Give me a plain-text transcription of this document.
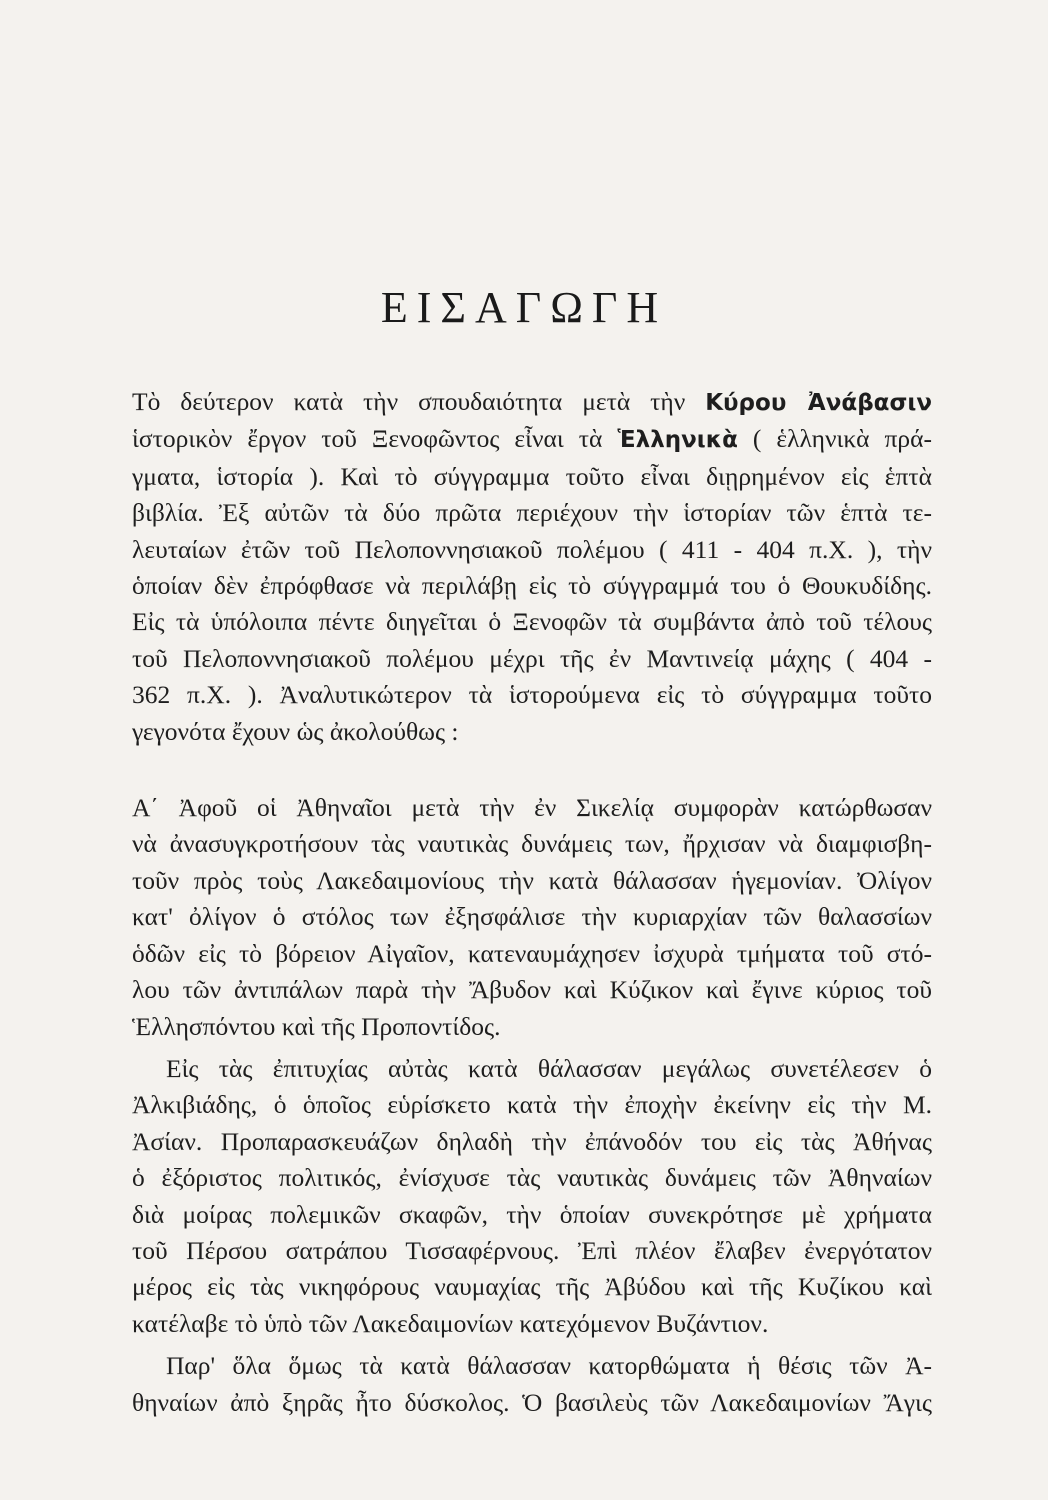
ΕΙΣΑΓΩΓΗ
Τὸ δεύτερον κατὰ τὴν σπουδαιότητα μετὰ τὴν Κύρου Ἀνάβασιν
ἱστορικὸν ἔργον τοῦ Ξενοφῶντος εἶναι τὰ Ἑλληνικὰ ( ἑλληνικὰ πρά-
γματα, ἱστορία ). Καὶ τὸ σύγγραμμα τοῦτο εἶναι διῃρημένον εἰς ἑπτὰ
βιβλία. Ἐξ αὐτῶν τὰ δύο πρῶτα περιέχουν τὴν ἱστορίαν τῶν ἑπτὰ τε-
λευταίων ἐτῶν τοῦ Πελοποννησιακοῦ πολέμου ( 411 - 404 π.Χ. ), τὴν
ὁποίαν δὲν ἐπρόφθασε νὰ περιλάβῃ εἰς τὸ σύγγραμμά του ὁ Θουκυδίδης.
Εἰς τὰ ὑπόλοιπα πέντε διηγεῖται ὁ Ξενοφῶν τὰ συμβάντα ἀπὸ τοῦ τέλους
τοῦ Πελοποννησιακοῦ πολέμου μέχρι τῆς ἐν Μαντινείᾳ μάχης ( 404 -
362 π.Χ. ). Ἀναλυτικώτερον τὰ ἱστορούμενα εἰς τὸ σύγγραμμα τοῦτο
γεγονότα ἔχουν ὡς ἀκολούθως :
Α΄ Ἀφοῦ οἱ Ἀθηναῖοι μετὰ τὴν ἐν Σικελίᾳ συμφορὰν κατώρθωσαν
νὰ ἀνασυγκροτήσουν τὰς ναυτικὰς δυνάμεις των, ἤρχισαν νὰ διαμφισβη-
τοῦν πρὸς τοὺς Λακεδαιμονίους τὴν κατὰ θάλασσαν ἡγεμονίαν. Ὀλίγον
κατ' ὀλίγον ὁ στόλος των ἐξησφάλισε τὴν κυριαρχίαν τῶν θαλασσίων
ὁδῶν εἰς τὸ βόρειον Αἰγαῖον, κατεναυμάχησεν ἰσχυρὰ τμήματα τοῦ στό-
λου τῶν ἀντιπάλων παρὰ τὴν Ἄβυδον καὶ Κύζικον καὶ ἔγινε κύριος τοῦ
Ἑλλησπόντου καὶ τῆς Προποντίδος.
Εἰς τὰς ἐπιτυχίας αὐτὰς κατὰ θάλασσαν μεγάλως συνετέλεσεν ὁ
Ἀλκιβιάδης, ὁ ὁποῖος εὑρίσκετο κατὰ τὴν ἐποχὴν ἐκείνην εἰς τὴν Μ.
Ἀσίαν. Προπαρασκευάζων δηλαδὴ τὴν ἐπάνοδόν του εἰς τὰς Ἀθήνας
ὁ ἐξόριστος πολιτικός, ἐνίσχυσε τὰς ναυτικὰς δυνάμεις τῶν Ἀθηναίων
διὰ μοίρας πολεμικῶν σκαφῶν, τὴν ὁποίαν συνεκρότησε μὲ χρήματα
τοῦ Πέρσου σατράπου Τισσαφέρνους. Ἐπὶ πλέον ἔλαβεν ἐνεργότατον
μέρος εἰς τὰς νικηφόρους ναυμαχίας τῆς Ἀβύδου καὶ τῆς Κυζίκου καὶ
κατέλαβε τὸ ὑπὸ τῶν Λακεδαιμονίων κατεχόμενον Βυζάντιον.
Παρ' ὅλα ὅμως τὰ κατὰ θάλασσαν κατορθώματα ἡ θέσις τῶν Ἀ-
θηναίων ἀπὸ ξηρᾶς ἦτο δύσκολος. Ὁ βασιλεὺς τῶν Λακεδαιμονίων Ἄγις
